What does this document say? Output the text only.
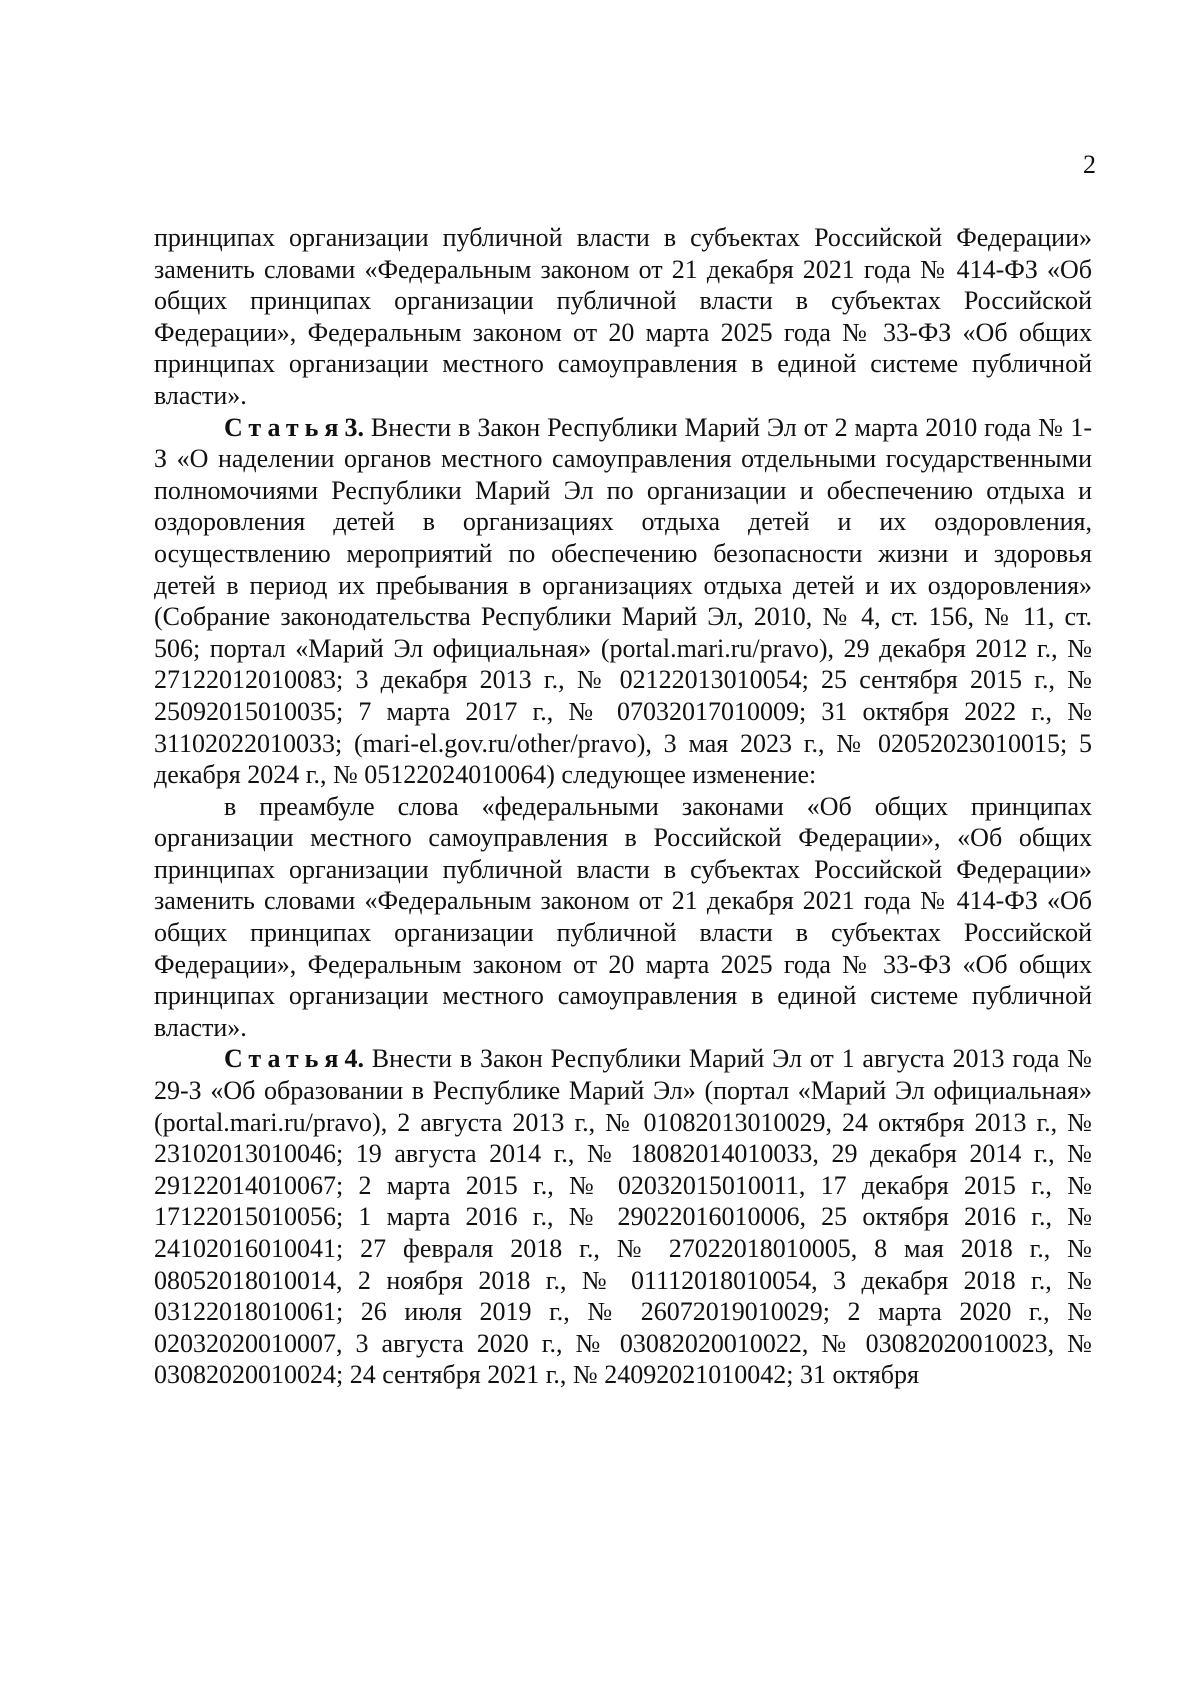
2

принципах организации публичной власти в субъектах Российской Федерации» заменить словами «Федеральным законом от 21 декабря 2021 года № 414-ФЗ «Об общих принципах организации публичной власти в субъектах Российской Федерации», Федеральным законом от 20 марта 2025 года № 33-ФЗ «Об общих принципах организации местного самоуправления в единой системе публичной власти».

Статья3. Внести в Закон Республики Марий Эл от 2 марта 2010 года № 1-З «О наделении органов местного самоуправления отдельными государственными полномочиями Республики Марий Эл по организации и обеспечению отдыха и оздоровления детей в организациях отдыха детей и их оздоровления, осуществлению мероприятий по обеспечению безопасности жизни и здоровья детей в период их пребывания в организациях отдыха детей и их оздоровления» (Собрание законодательства Республики Марий Эл, 2010, № 4, ст. 156, № 11, ст. 506; портал «Марий Эл официальная» (portal.mari.ru/pravo), 29 декабря 2012 г., № 27122012010083; 3 декабря 2013 г., № 02122013010054; 25 сентября 2015 г., № 25092015010035; 7 марта 2017 г., № 07032017010009; 31 октября 2022 г., № 31102022010033; (mari-el.gov.ru/other/pravo), 3 мая 2023 г., № 02052023010015; 5 декабря 2024 г., № 05122024010064) следующее изменение:

в преамбуле слова «федеральными законами «Об общих принципах организации местного самоуправления в Российской Федерации», «Об общих принципах организации публичной власти в субъектах Российской Федерации» заменить словами «Федеральным законом от 21 декабря 2021 года № 414-ФЗ «Об общих принципах организации публичной власти в субъектах Российской Федерации», Федеральным законом от 20 марта 2025 года № 33-ФЗ «Об общих принципах организации местного самоуправления в единой системе публичной власти».

Статья4. Внести в Закон Республики Марий Эл от 1 августа 2013 года № 29-З «Об образовании в Республике Марий Эл» (портал «Марий Эл официальная» (portal.mari.ru/pravo), 2 августа 2013 г., № 01082013010029, 24 октября 2013 г., № 23102013010046; 19 августа 2014 г., № 18082014010033, 29 декабря 2014 г., № 29122014010067; 2 марта 2015 г., № 02032015010011, 17 декабря 2015 г., № 17122015010056; 1 марта 2016 г., № 29022016010006, 25 октября 2016 г., № 24102016010041; 27 февраля 2018 г., № 27022018010005, 8 мая 2018 г., № 08052018010014, 2 ноября 2018 г., № 01112018010054, 3 декабря 2018 г., № 03122018010061; 26 июля 2019 г., № 26072019010029; 2 марта 2020 г., № 02032020010007, 3 августа 2020 г., № 03082020010022, № 03082020010023, № 03082020010024; 24 сентября 2021 г., № 24092021010042; 31 октября
